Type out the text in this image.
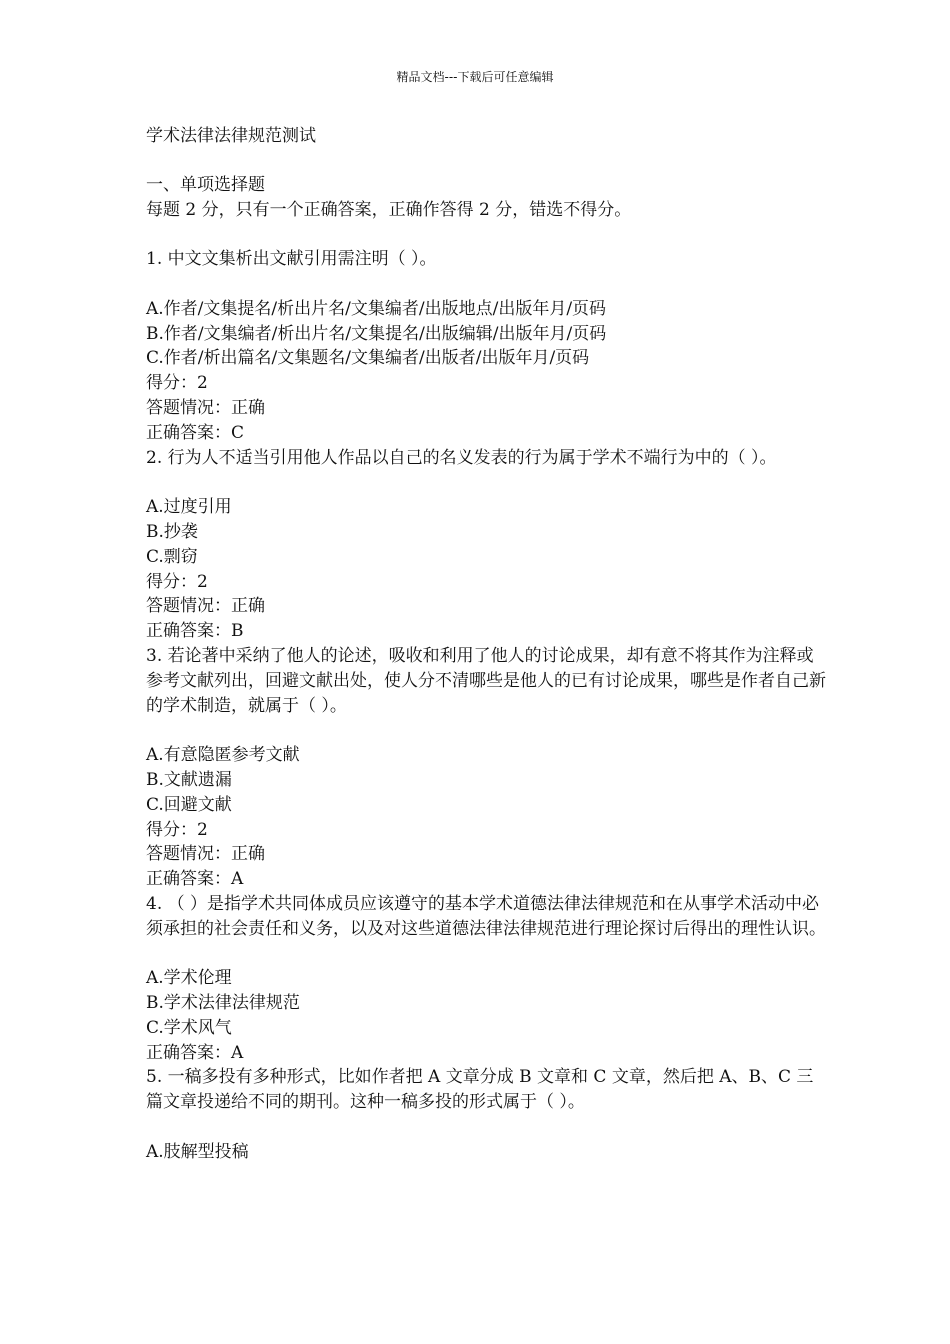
精品文档---下载后可任意编辑

学术法律法律规范测试

一、单项选择题

每题 2 分，只有一个正确答案，正确作答得 2 分，错选不得分。

1. 中文文集析出文献引用需注明（ ）。

A.作者/文集提名/析出片名/文集编者/出版地点/出版年月/页码

B.作者/文集编者/析出片名/文集提名/出版编辑/出版年月/页码

C.作者/析出篇名/文集题名/文集编者/出版者/出版年月/页码

得分：2

答题情况：正确

正确答案：C

2. 行为人不适当引用他人作品以自己的名义发表的行为属于学术不端行为中的（ ）。

A.过度引用

B.抄袭

C.剽窃

得分：2

答题情况：正确

正确答案：B

3. 若论著中采纳了他人的论述，吸收和利用了他人的讨论成果，却有意不将其作为注释或参考文献列出，回避文献出处，使人分不清哪些是他人的已有讨论成果，哪些是作者自己新的学术制造，就属于（ ）。

A.有意隐匿参考文献

B.文献遗漏

C.回避文献

得分：2

答题情况：正确

正确答案：A

4. （ ）是指学术共同体成员应该遵守的基本学术道德法律法律规范和在从事学术活动中必须承担的社会责任和义务，以及对这些道德法律法律规范进行理论探讨后得出的理性认识。

A.学术伦理

B.学术法律法律规范

C.学术风气

正确答案：A

5. 一稿多投有多种形式，比如作者把 A 文章分成 B 文章和 C 文章，然后把 A、B、C 三篇文章投递给不同的期刊。这种一稿多投的形式属于（ ）。

A.肢解型投稿
